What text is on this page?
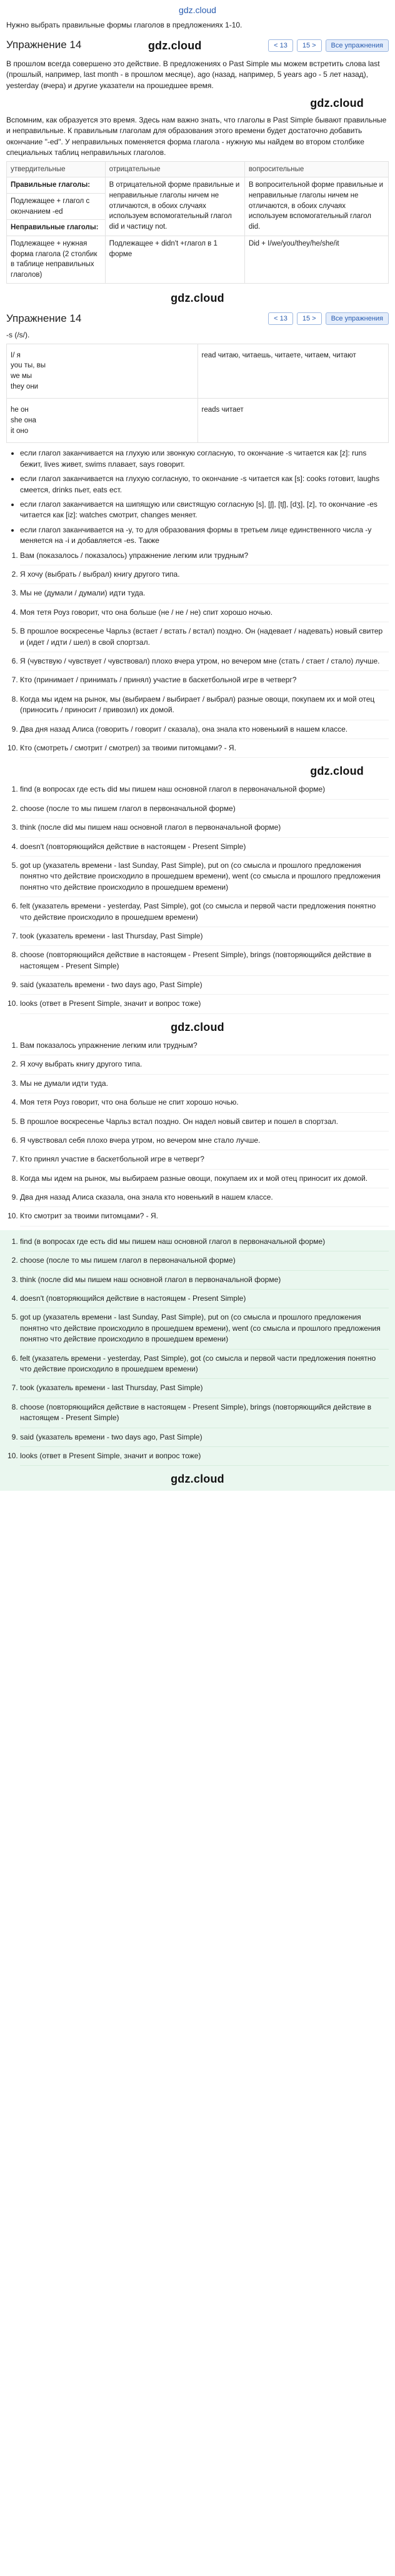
gdz.cloud
Нужно выбрать правильные формы глаголов в предложениях 1-10.
Упражнение 14	gdz.cloud	< 13	15 >	Все упражнения

В прошлом всегда совершено это действие. В предложениях о Past Simple мы можем встретить слова last (прошлый, например, last month - в прошлом месяце), ago (назад, например, 5 years ago - 5 лет назад), yesterday (вчера) и другие указатели на прошедшее время.

gdz.cloud

Вспомним, как образуется это время. Здесь нам важно знать, что глаголы в Past Simple бывают правильные и неправильные. К правильным глаголам для образования этого времени будет достаточно добавить окончание "-ed". У неправильных поменяется форма глагола - нужную мы найдем во втором столбике специальных таблиц неправильных глаголов.

утвердительные	отрицательные	вопросительные
Правильные глаголы:	В отрицательной форме правильные и неправильные глаголы ничем не отличаются, в обоих случаях используем вспомогательный глагол did и частицу not.	В вопросительной форме правильные и неправильные глаголы ничем не отличаются, в обоих случаях используем вспомогательный глагол did.
Подлежащее + глагол с окончанием -ed		
Неправильные глаголы:		
Подлежащее + нужная форма глагола (2 столбик в таблице неправильных глаголов)	Подлежащее + didn't +глагол в 1 форме	Did + I/we/you/they/he/she/it
gdz.cloud
Упражнение 14	< 13	15 >	Все упражнения

-s (/s/).

I/ я
you ты, вы
we мы
they они	read читаю, читаешь, читаете, читаем, читают
he он
she она
it оно	reads читает
• если глагол заканчивается на глухую или звонкую согласную, то окончание -s читается как [z]: runs бежит, lives живет, swims плавает, says говорит.
• если глагол заканчивается на глухую согласную, то окончание -s читается как [s]: cooks готовит, laughs смеется, drinks пьет, eats ест.
• если глагол заканчивается на шипящую или свистящую согласную [s], [ʃ], [tʃ], [dʒ], [z], то окончание -es читается как [iz]: watches смотрит, changes меняет.
• если глагол заканчивается на -y, то для образования формы в третьем лице единственного числа -y меняется на -i и добавляется -es. Также
1. Вам (показалось / показалось) упражнение легким или трудным?
2. Я хочу (выбрать / выбрал) книгу другого типа.
3. Мы не (думали / думали) идти туда.
4. Моя тетя Роуз говорит, что она больше (не / не / не) спит хорошо ночью.
5. В прошлое воскресенье Чарльз (встает / встать / встал) поздно. Он (надевает / надевать) новый свитер и (идет / идти / шел) в свой спортзал.
6. Я (чувствую / чувствует / чувствовал) плохо вчера утром, но вечером мне (стать / стает / стало) лучше.
7. Кто (принимает / принимать / принял) участие в баскетбольной игре в четверг?
8. Когда мы идем на рынок, мы (выбираем / выбирает / выбрал) разные овощи, покупаем их и мой отец (приносить / приносит / привозил) их домой.
9. Два дня назад Алиса (говорить / говорит / сказала), она знала кто новенький в нашем классе.
10. Кто (смотреть / смотрит / смотрел) за твоими питомцами? - Я.
gdz.cloud
1. find (в вопросах где есть did мы пишем наш основной глагол в первоначальной форме)
2. choose (после то мы пишем глагол в первоначальной форме)
3. think (после did мы пишем наш основной глагол в первоначальной форме)
4. doesn't (повторяющийся действие в настоящем - Present Simple)
5. got up (указатель времени - last Sunday, Past Simple), put on (со смысла и прошлого предложения понятно что действие происходило в прошедшем времени), went (со смысла и прошлого предложения понятно что действие происходило в прошедшем времени)
6. felt (указатель времени - yesterday, Past Simple), got (со смысла и первой части предложения понятно что действие происходило в прошедшем времени)
7. took (указатель времени - last Thursday, Past Simple)
8. choose (повторяющийся действие в настоящем - Present Simple), brings (повторяющийся действие в настоящем - Present Simple)
9. said (указатель времени - two days ago, Past Simple)
10. looks (ответ в Present Simple, значит и вопрос тоже)
gdz.cloud
1. Вам показалось упражнение легким или трудным?
2. Я хочу выбрать книгу другого типа.
3. Мы не думали идти туда.
4. Моя тетя Роуз говорит, что она больше не спит хорошо ночью.
5. В прошлое воскресенье Чарльз встал поздно. Он надел новый свитер и пошел в спортзал.
6. Я чувствовал себя плохо вчера утром, но вечером мне стало лучше.
7. Кто принял участие в баскетбольной игре в четверг?
8. Когда мы идем на рынок, мы выбираем разные овощи, покупаем их и мой отец приносит их домой.
9. Два дня назад Алиса сказала, она знала кто новенький в нашем классе.
10. Кто смотрит за твоими питомцами? - Я.
1. find (в вопросах где есть did мы пишем наш основной глагол в первоначальной форме)
2. choose (после то мы пишем глагол в первоначальной форме)
3. think (после did мы пишем наш основной глагол в первоначальной форме)
4. doesn't (повторяющийся действие в настоящем - Present Simple)
5. got up (указатель времени - last Sunday, Past Simple), put on (со смысла и прошлого предложения понятно что действие происходило в прошедшем времени), went (со смысла и прошлого предложения понятно что действие происходило в прошедшем времени)
6. felt (указатель времени - yesterday, Past Simple), got (со смысла и первой части предложения понятно что действие происходило в прошедшем времени)
7. took (указатель времени - last Thursday, Past Simple)
8. choose (повторяющийся действие в настоящем - Present Simple), brings (повторяющийся действие в настоящем - Present Simple)
9. said (указатель времени - two days ago, Past Simple)
10. looks (ответ в Present Simple, значит и вопрос тоже)
gdz.cloud
